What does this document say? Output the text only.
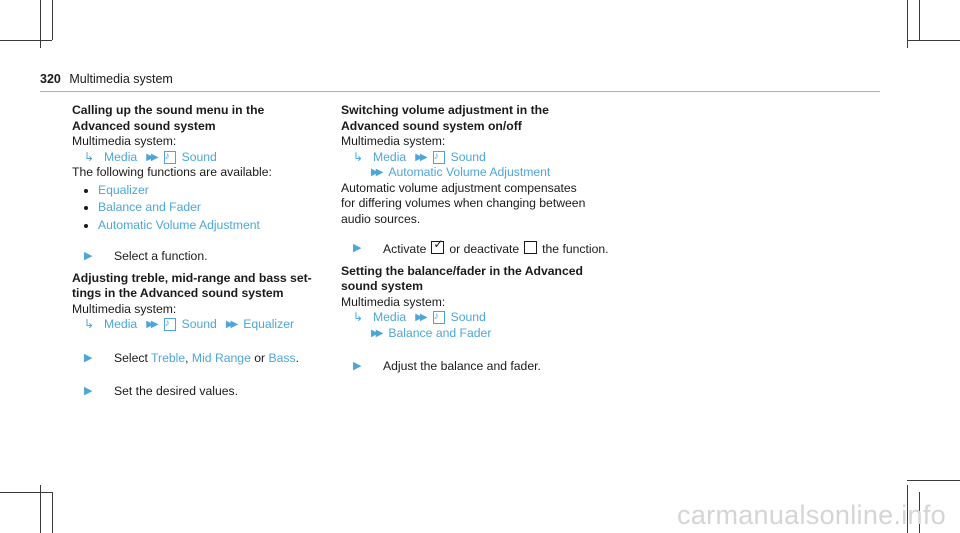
320 Multimedia system

Calling up the sound menu in the Advanced sound system

Multimedia system:

↳ Media ▶▶ ♪ Sound

The following functions are available:

Equalizer
Balance and Fader
Automatic Volume Adjustment
▶	Select a function.

Adjusting treble, mid-range and bass set-

tings in the Advanced sound system

Multimedia system:

↳ Media ▶▶ ♪ Sound ▶▶ Equalizer
▶	Select Treble, Mid Range or Bass.
▶	Set the desired values.

Switching volume adjustment in the

Advanced sound system on/off

Multimedia system:

↳ Media ▶▶ ♪ Sound
▶▶ Automatic Volume Adjustment

Automatic volume adjustment compensates for differing volumes when changing between audio sources.

▶	Activate ✓ or deactivate the function.

Setting the balance/fader in the Advanced

sound system

Multimedia system:

↳ Media ▶▶ ♪ Sound
▶▶ Balance and Fader
▶	Adjust the balance and fader.
carmanualsonline.info
